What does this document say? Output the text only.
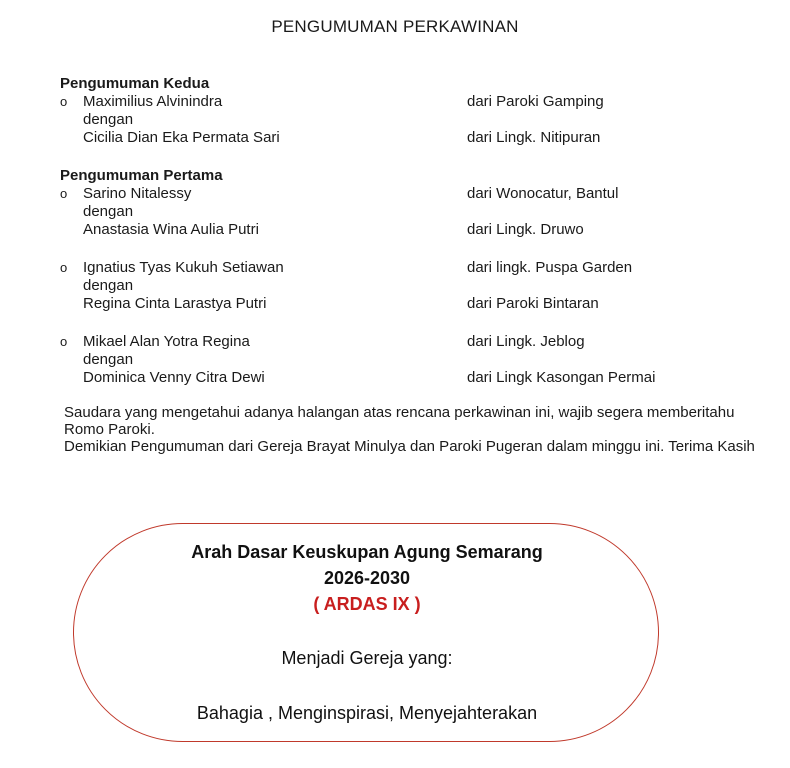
PENGUMUMAN PERKAWINAN
Pengumuman Kedua
o	Maximilius Alvinindra	dari Paroki Gamping
dengan
Cicilia Dian Eka Permata Sari	dari Lingk. Nitipuran
Pengumuman Pertama
o	Sarino Nitalessy	dari Wonocatur, Bantul
dengan
Anastasia Wina Aulia Putri	dari Lingk. Druwo
o	Ignatius Tyas Kukuh Setiawan	dari lingk. Puspa Garden
dengan
Regina Cinta Larastya Putri	dari Paroki Bintaran
o	Mikael Alan Yotra Regina	dari Lingk. Jeblog
dengan
Dominica Venny Citra Dewi	dari Lingk Kasongan Permai

Saudara yang mengetahui adanya halangan atas rencana perkawinan ini, wajib segera memberitahu Romo Paroki.

Demikian Pengumuman dari Gereja Brayat Minulya dan Paroki Pugeran dalam minggu ini. Terima Kasih

Arah Dasar Keuskupan Agung Semarang
2026-2030
( ARDAS IX )
Menjadi Gereja yang:
Bahagia , Menginspirasi, Menyejahterakan
